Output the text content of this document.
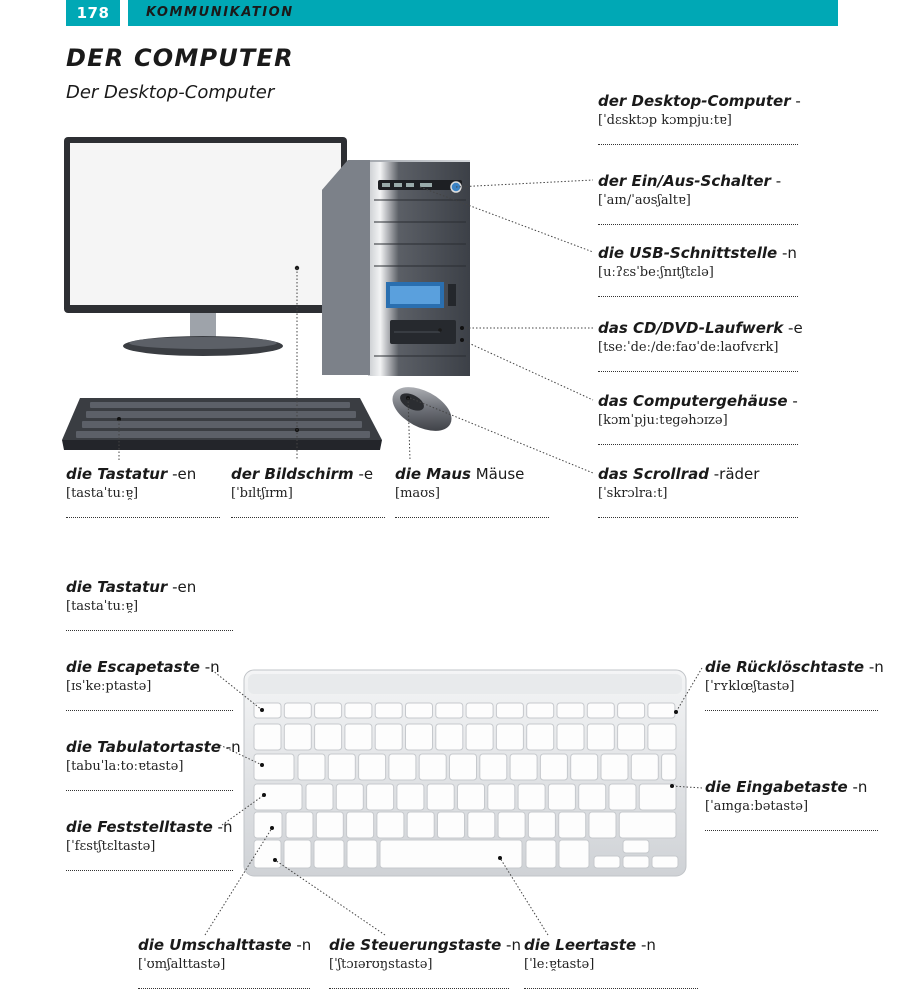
178	KOMMUNIKATION
DER COMPUTER
Der Desktop-Computer	der Desktop-Computer -
[ˈdɛsktɔp kɔmpjuːtɐ]
der Ein/Aus-Schalter -
[ˈaɪn/ˈaʊsʃaltɐ]
die USB-Schnittstelle -n
[uːʔɛsˈbeːʃnɪtʃtɛlə]
das CD/DVD-Laufwerk -e
[tseːˈdeː/deːfaʊˈdeːlaʊfvɛrk]
das Computergehäuse -
[kɔmˈpjuːtɐgəhɔɪzə]
das Scrollrad -räder
[ˈskrɔlraːt]
die Tastatur -en
[tastaˈtuːɐ̯]
der Bildschirm -e
[ˈbɪltʃɪrm]
die Maus Mäuse
[maʊs]
die Tastatur -en
[tastaˈtuːɐ̯]
die Escapetaste -n
[ɪsˈkeːptastə]
die Tabulatortaste -n
[tabuˈlaːtoːɐtastə]
die Feststelltaste -n
[ˈfɛstʃtɛltastə]
die Umschalttaste -n
[ˈʊmʃalttastə]
die Steuerungstaste -n
[ˈʃtɔɪərʊŋstastə]
die Leertaste -n
[ˈleːɐ̯tastə]
die Rücklöschtaste -n
[ˈrʏklœʃtastə]
die Eingabetaste -n
[ˈaɪngaːbətastə]
